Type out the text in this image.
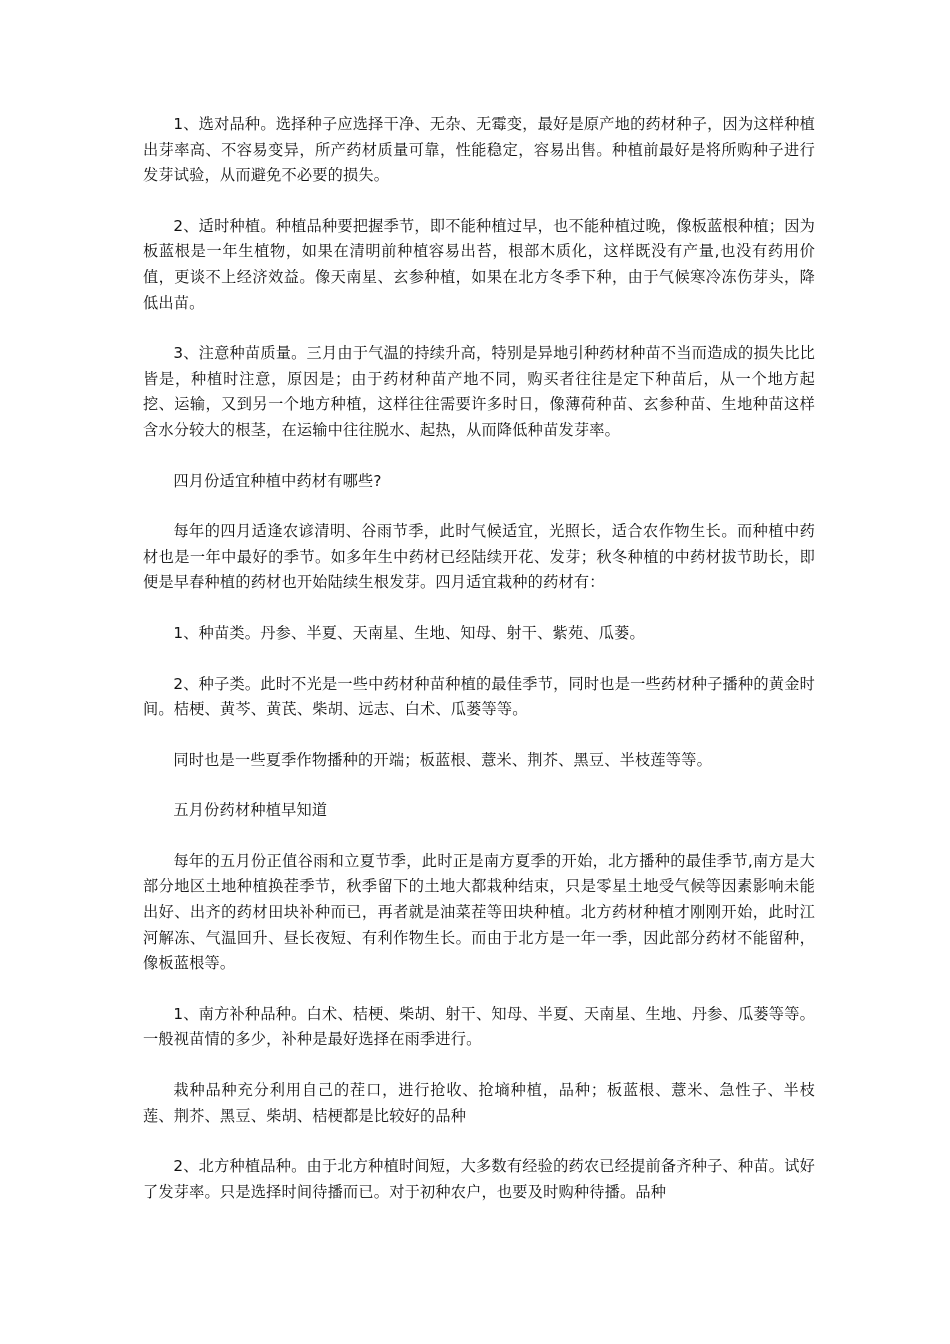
1、选对品种。选择种子应选择干净、无杂、无霉变，最好是原产地的药材种子，因为这样种植出芽率高、不容易变异，所产药材质量可靠，性能稳定，容易出售。种植前最好是将所购种子进行发芽试验，从而避免不必要的损失。

2、适时种植。种植品种要把握季节，即不能种植过早，也不能种植过晚，像板蓝根种植；因为板蓝根是一年生植物，如果在清明前种植容易出苔，根部木质化，这样既没有产量,也没有药用价值，更谈不上经济效益。像天南星、玄参种植，如果在北方冬季下种，由于气候寒冷冻伤芽头，降低出苗。

3、注意种苗质量。三月由于气温的持续升高，特别是异地引种药材种苗不当而造成的损失比比皆是，种植时注意，原因是；由于药材种苗产地不同，购买者往往是定下种苗后，从一个地方起挖、运输，又到另一个地方种植，这样往往需要许多时日，像薄荷种苗、玄参种苗、生地种苗这样含水分较大的根茎，在运输中往往脱水、起热，从而降低种苗发芽率。

四月份适宜种植中药材有哪些?

每年的四月适逢农谚清明、谷雨节季，此时气候适宜，光照长，适合农作物生长。而种植中药材也是一年中最好的季节。如多年生中药材已经陆续开花、发芽；秋冬种植的中药材拔节助长，即便是早春种植的药材也开始陆续生根发芽。四月适宜栽种的药材有：

1、种苗类。丹参、半夏、天南星、生地、知母、射干、紫苑、瓜蒌。

2、种子类。此时不光是一些中药材种苗种植的最佳季节，同时也是一些药材种子播种的黄金时间。桔梗、黄芩、黄芪、柴胡、远志、白术、瓜蒌等等。

同时也是一些夏季作物播种的开端；板蓝根、薏米、荆芥、黑豆、半枝莲等等。

五月份药材种植早知道

每年的五月份正值谷雨和立夏节季，此时正是南方夏季的开始，北方播种的最佳季节,南方是大部分地区土地种植换茬季节，秋季留下的土地大都栽种结束，只是零星土地受气候等因素影响未能出好、出齐的药材田块补种而已，再者就是油菜茬等田块种植。北方药材种植才刚刚开始，此时江河解冻、气温回升、昼长夜短、有利作物生长。而由于北方是一年一季，因此部分药材不能留种，像板蓝根等。

1、南方补种品种。白术、桔梗、柴胡、射干、知母、半夏、天南星、生地、丹参、瓜蒌等等。一般视苗情的多少，补种是最好选择在雨季进行。

栽种品种充分利用自己的茬口，进行抢收、抢墒种植，品种；板蓝根、薏米、急性子、半枝莲、荆芥、黑豆、柴胡、桔梗都是比较好的品种

2、北方种植品种。由于北方种植时间短，大多数有经验的药农已经提前备齐种子、种苗。试好了发芽率。只是选择时间待播而已。对于初种农户，也要及时购种待播。品种
